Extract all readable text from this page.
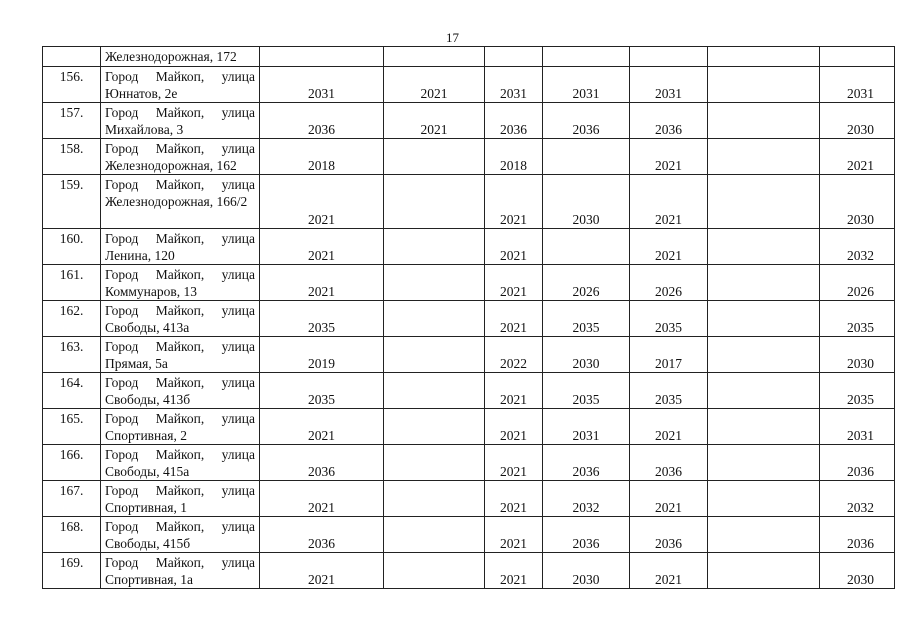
17
	Железнодорожная, 172							
156.	Город Майкоп, улица Юннатов, 2е	2031	2021	2031	2031	2031		2031
157.	Город Майкоп, улица Михайлова, 3	2036	2021	2036	2036	2036		2030
158.	Город Майкоп, улица Железнодорожная, 162	2018		2018		2021		2021
159.	Город Майкоп, улица Железнодорожная, 166/2	2021		2021	2030	2021		2030
160.	Город Майкоп, улица Ленина, 120	2021		2021		2021		2032
161.	Город Майкоп, улица Коммунаров, 13	2021		2021	2026	2026		2026
162.	Город Майкоп, улица Свободы, 413а	2035		2021	2035	2035		2035
163.	Город Майкоп, улица Прямая, 5а	2019		2022	2030	2017		2030
164.	Город Майкоп, улица Свободы, 413б	2035		2021	2035	2035		2035
165.	Город Майкоп, улица Спортивная, 2	2021		2021	2031	2021		2031
166.	Город Майкоп, улица Свободы, 415а	2036		2021	2036	2036		2036
167.	Город Майкоп, улица Спортивная, 1	2021		2021	2032	2021		2032
168.	Город Майкоп, улица Свободы, 415б	2036		2021	2036	2036		2036
169.	Город Майкоп, улица Спортивная, 1а	2021		2021	2030	2021		2030
